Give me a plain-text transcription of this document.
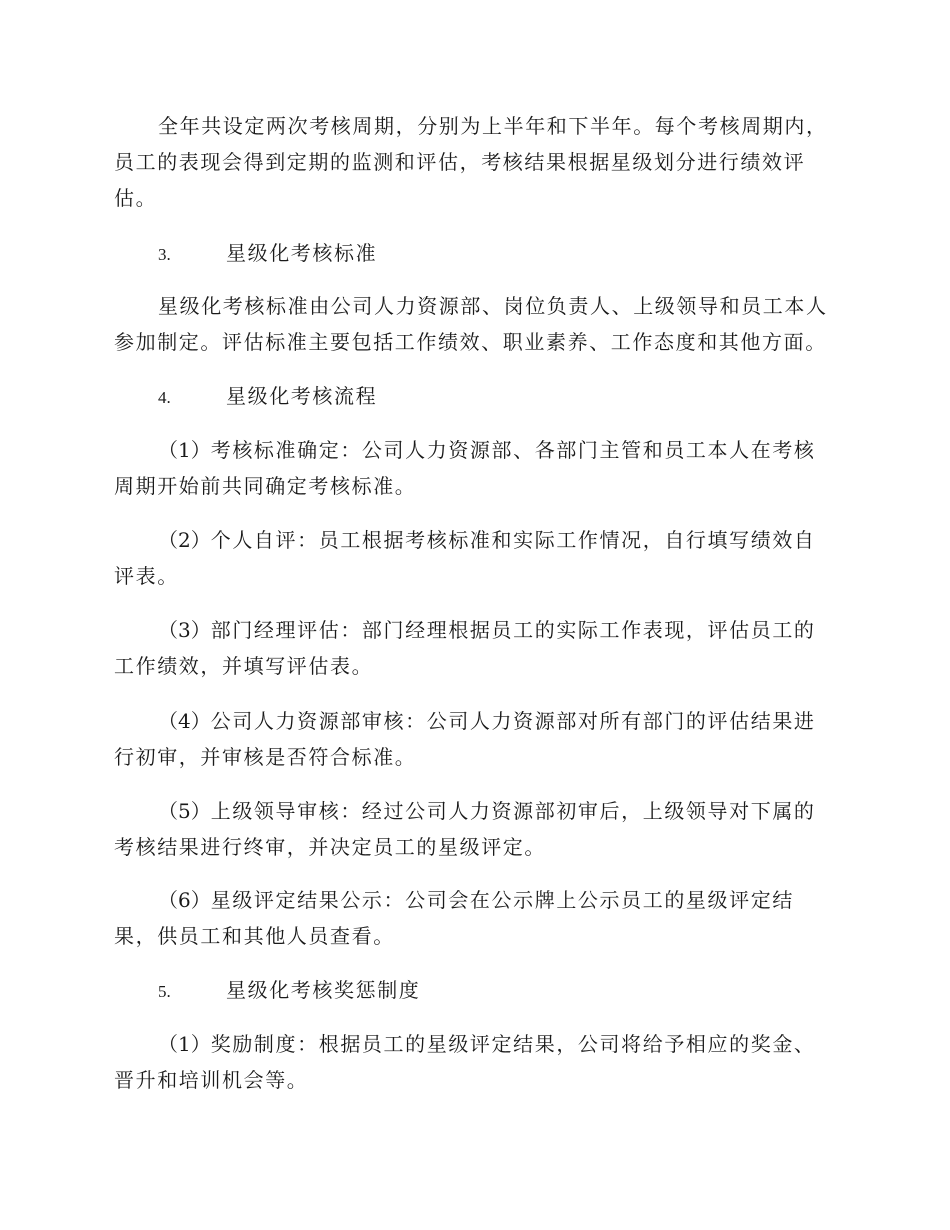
全年共设定两次考核周期，分别为上半年和下半年。每个考核周期内，员工的表现会得到定期的监测和评估，考核结果根据星级划分进行绩效评估。

3.	星级化考核标准

星级化考核标准由公司人力资源部、岗位负责人、上级领导和员工本人参加制定。评估标准主要包括工作绩效、职业素养、工作态度和其他方面。

4.	星级化考核流程

（1）考核标准确定：公司人力资源部、各部门主管和员工本人在考核周期开始前共同确定考核标准。

（2）个人自评：员工根据考核标准和实际工作情况，自行填写绩效自评表。

（3）部门经理评估：部门经理根据员工的实际工作表现，评估员工的工作绩效，并填写评估表。

（4）公司人力资源部审核：公司人力资源部对所有部门的评估结果进行初审，并审核是否符合标准。

（5）上级领导审核：经过公司人力资源部初审后，上级领导对下属的考核结果进行终审，并决定员工的星级评定。

（6）星级评定结果公示：公司会在公示牌上公示员工的星级评定结果，供员工和其他人员查看。

5.	星级化考核奖惩制度

（1）奖励制度：根据员工的星级评定结果，公司将给予相应的奖金、晋升和培训机会等。
